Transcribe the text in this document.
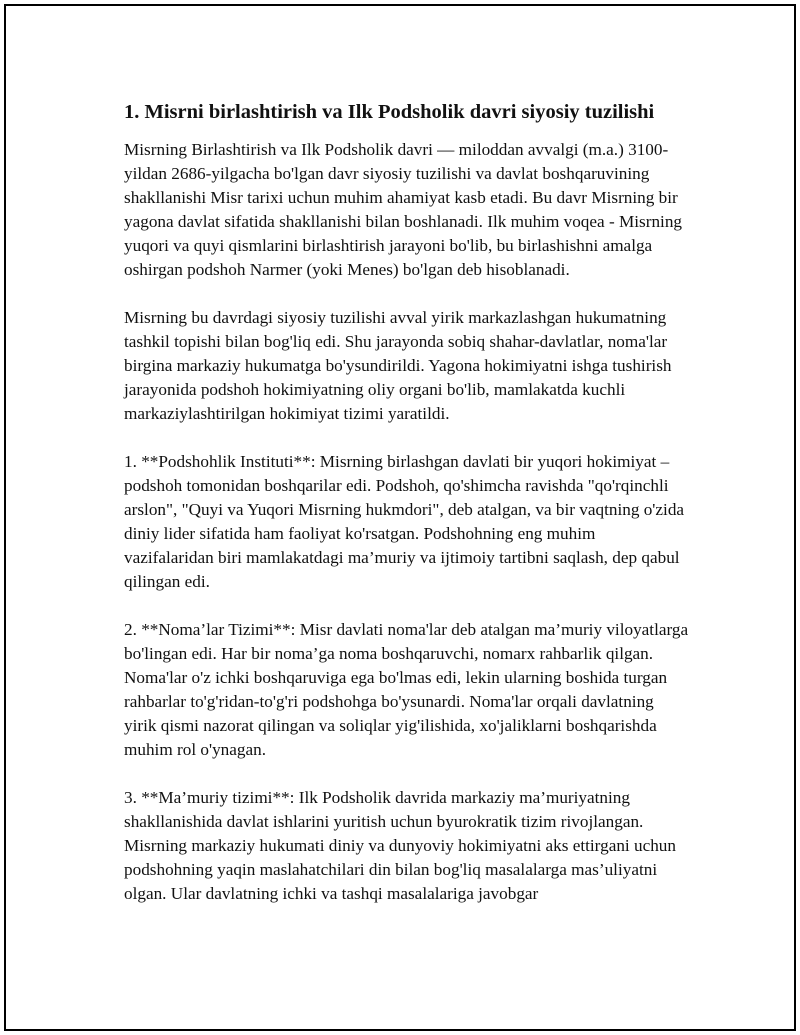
1. Misrni birlashtirish va Ilk Podsholik davri siyosiy tuzilishi

Misrning Birlashtirish va Ilk Podsholik davri — miloddan avvalgi (m.a.) 3100-yildan 2686-yilgacha bo'lgan davr siyosiy tuzilishi va davlat boshqaruvining shakllanishi Misr tarixi uchun muhim ahamiyat kasb etadi. Bu davr Misrning bir yagona davlat sifatida shakllanishi bilan boshlanadi. Ilk muhim voqea - Misrning yuqori va quyi qismlarini birlashtirish jarayoni bo'lib, bu birlashishni amalga oshirgan podshoh Narmer (yoki Menes) bo'lgan deb hisoblanadi.

Misrning bu davrdagi siyosiy tuzilishi avval yirik markazlashgan hukumatning tashkil topishi bilan bog'liq edi. Shu jarayonda sobiq shahar-davlatlar, noma'lar birgina markaziy hukumatga bo'ysundirildi. Yagona hokimiyatni ishga tushirish jarayonida podshoh hokimiyatning oliy organi bo'lib, mamlakatda kuchli markaziylashtirilgan hokimiyat tizimi yaratildi.

1. **Podshohlik Instituti**: Misrning birlashgan davlati bir yuqori hokimiyat – podshoh tomonidan boshqarilar edi. Podshoh, qo'shimcha ravishda "qo'rqinchli arslon", "Quyi va Yuqori Misrning hukmdori", deb atalgan, va bir vaqtning o'zida diniy lider sifatida ham faoliyat ko'rsatgan. Podshohning eng muhim vazifalaridan biri mamlakatdagi ma’muriy va ijtimoiy tartibni saqlash, dep qabul qilingan edi.

2. **Noma’lar Tizimi**: Misr davlati noma'lar deb atalgan ma’muriy viloyatlarga bo'lingan edi. Har bir noma’ga noma boshqaruvchi, nomarx rahbarlik qilgan. Noma'lar o'z ichki boshqaruviga ega bo'lmas edi, lekin ularning boshida turgan rahbarlar to'g'ridan-to'g'ri podshohga bo'ysunardi. Noma'lar orqali davlatning yirik qismi nazorat qilingan va soliqlar yig'ilishida, xo'jaliklarni boshqarishda muhim rol o'ynagan.

3. **Ma’muriy tizimi**: Ilk Podsholik davrida markaziy ma’muriyatning shakllanishida davlat ishlarini yuritish uchun byurokratik tizim rivojlangan. Misrning markaziy hukumati diniy va dunyoviy hokimiyatni aks ettirgani uchun podshohning yaqin maslahatchilari din bilan bog'liq masalalarga mas’uliyatni olgan. Ular davlatning ichki va tashqi masalalariga javobgar
